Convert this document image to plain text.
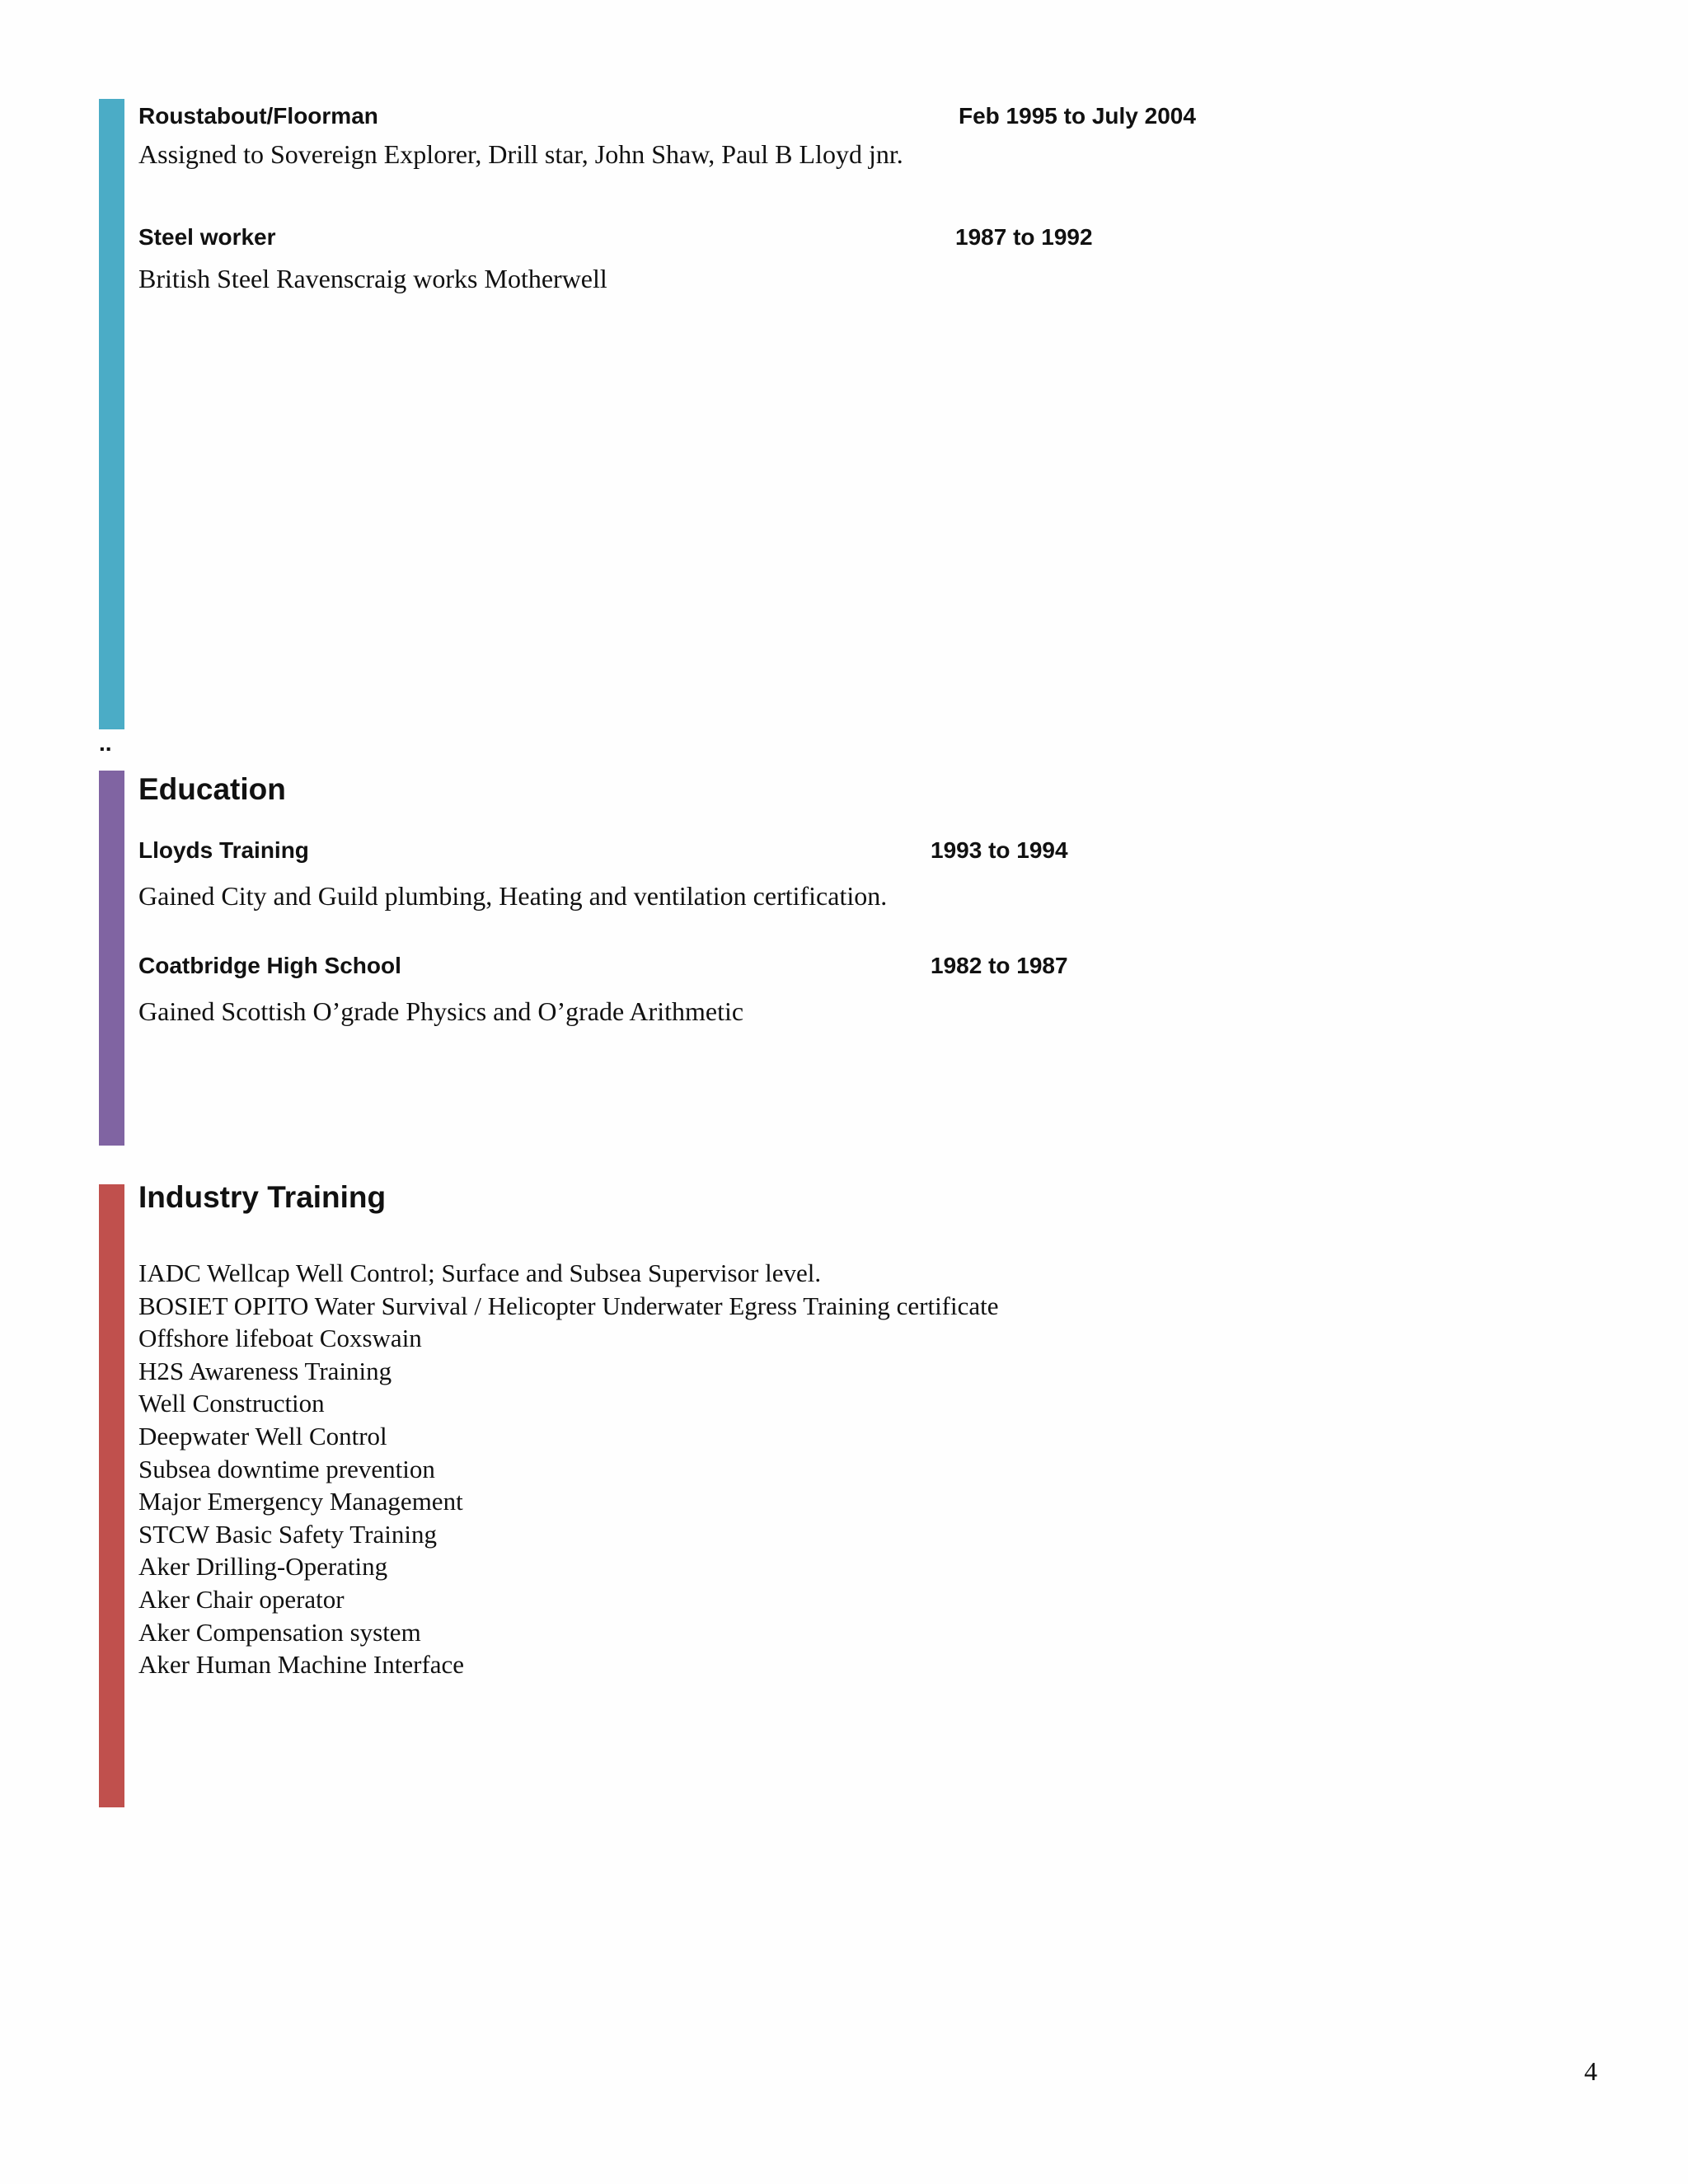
Roustabout/Floorman	Feb 1995 to July 2004
Assigned to Sovereign Explorer, Drill star, John Shaw, Paul B Lloyd jnr.
Steel worker	1987 to 1992
British Steel Ravenscraig works Motherwell
..
Education
Lloyds Training	1993 to 1994
Gained City and Guild plumbing, Heating and ventilation certification.
Coatbridge High School	1982 to 1987
Gained Scottish O’grade Physics and O’grade Arithmetic
Industry Training
IADC Wellcap Well Control; Surface and Subsea Supervisor level.
BOSIET OPITO Water Survival / Helicopter Underwater Egress Training certificate
Offshore lifeboat Coxswain
H2S Awareness Training
Well Construction
Deepwater Well Control
Subsea downtime prevention
Major Emergency Management
STCW Basic Safety Training
Aker Drilling-Operating
Aker Chair operator
Aker Compensation system
Aker Human Machine Interface
4
